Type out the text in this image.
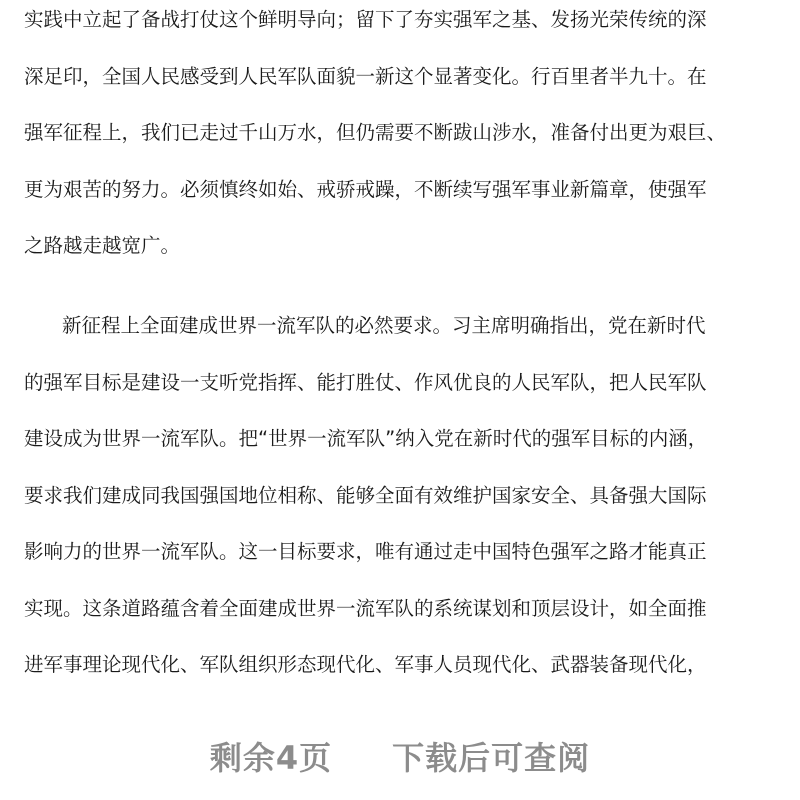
实践中立起了备战打仗这个鲜明导向；留下了夯实强军之基、发扬光荣传统的深
深足印，全国人民感受到人民军队面貌一新这个显著变化。行百里者半九十。在
强军征程上，我们已走过千山万水，但仍需要不断跋山涉水，准备付出更为艰巨、
更为艰苦的努力。必须慎终如始、戒骄戒躁，不断续写强军事业新篇章，使强军
之路越走越宽广。
新征程上全面建成世界一流军队的必然要求。习主席明确指出，党在新时代
的强军目标是建设一支听党指挥、能打胜仗、作风优良的人民军队，把人民军队
建设成为世界一流军队。把“世界一流军队”纳入党在新时代的强军目标的内涵，
要求我们建成同我国强国地位相称、能够全面有效维护国家安全、具备强大国际
影响力的世界一流军队。这一目标要求，唯有通过走中国特色强军之路才能真正
实现。这条道路蕴含着全面建成世界一流军队的系统谋划和顶层设计，如全面推
进军事理论现代化、军队组织形态现代化、军事人员现代化、武器装备现代化，
剩余4页 下载后可查阅
